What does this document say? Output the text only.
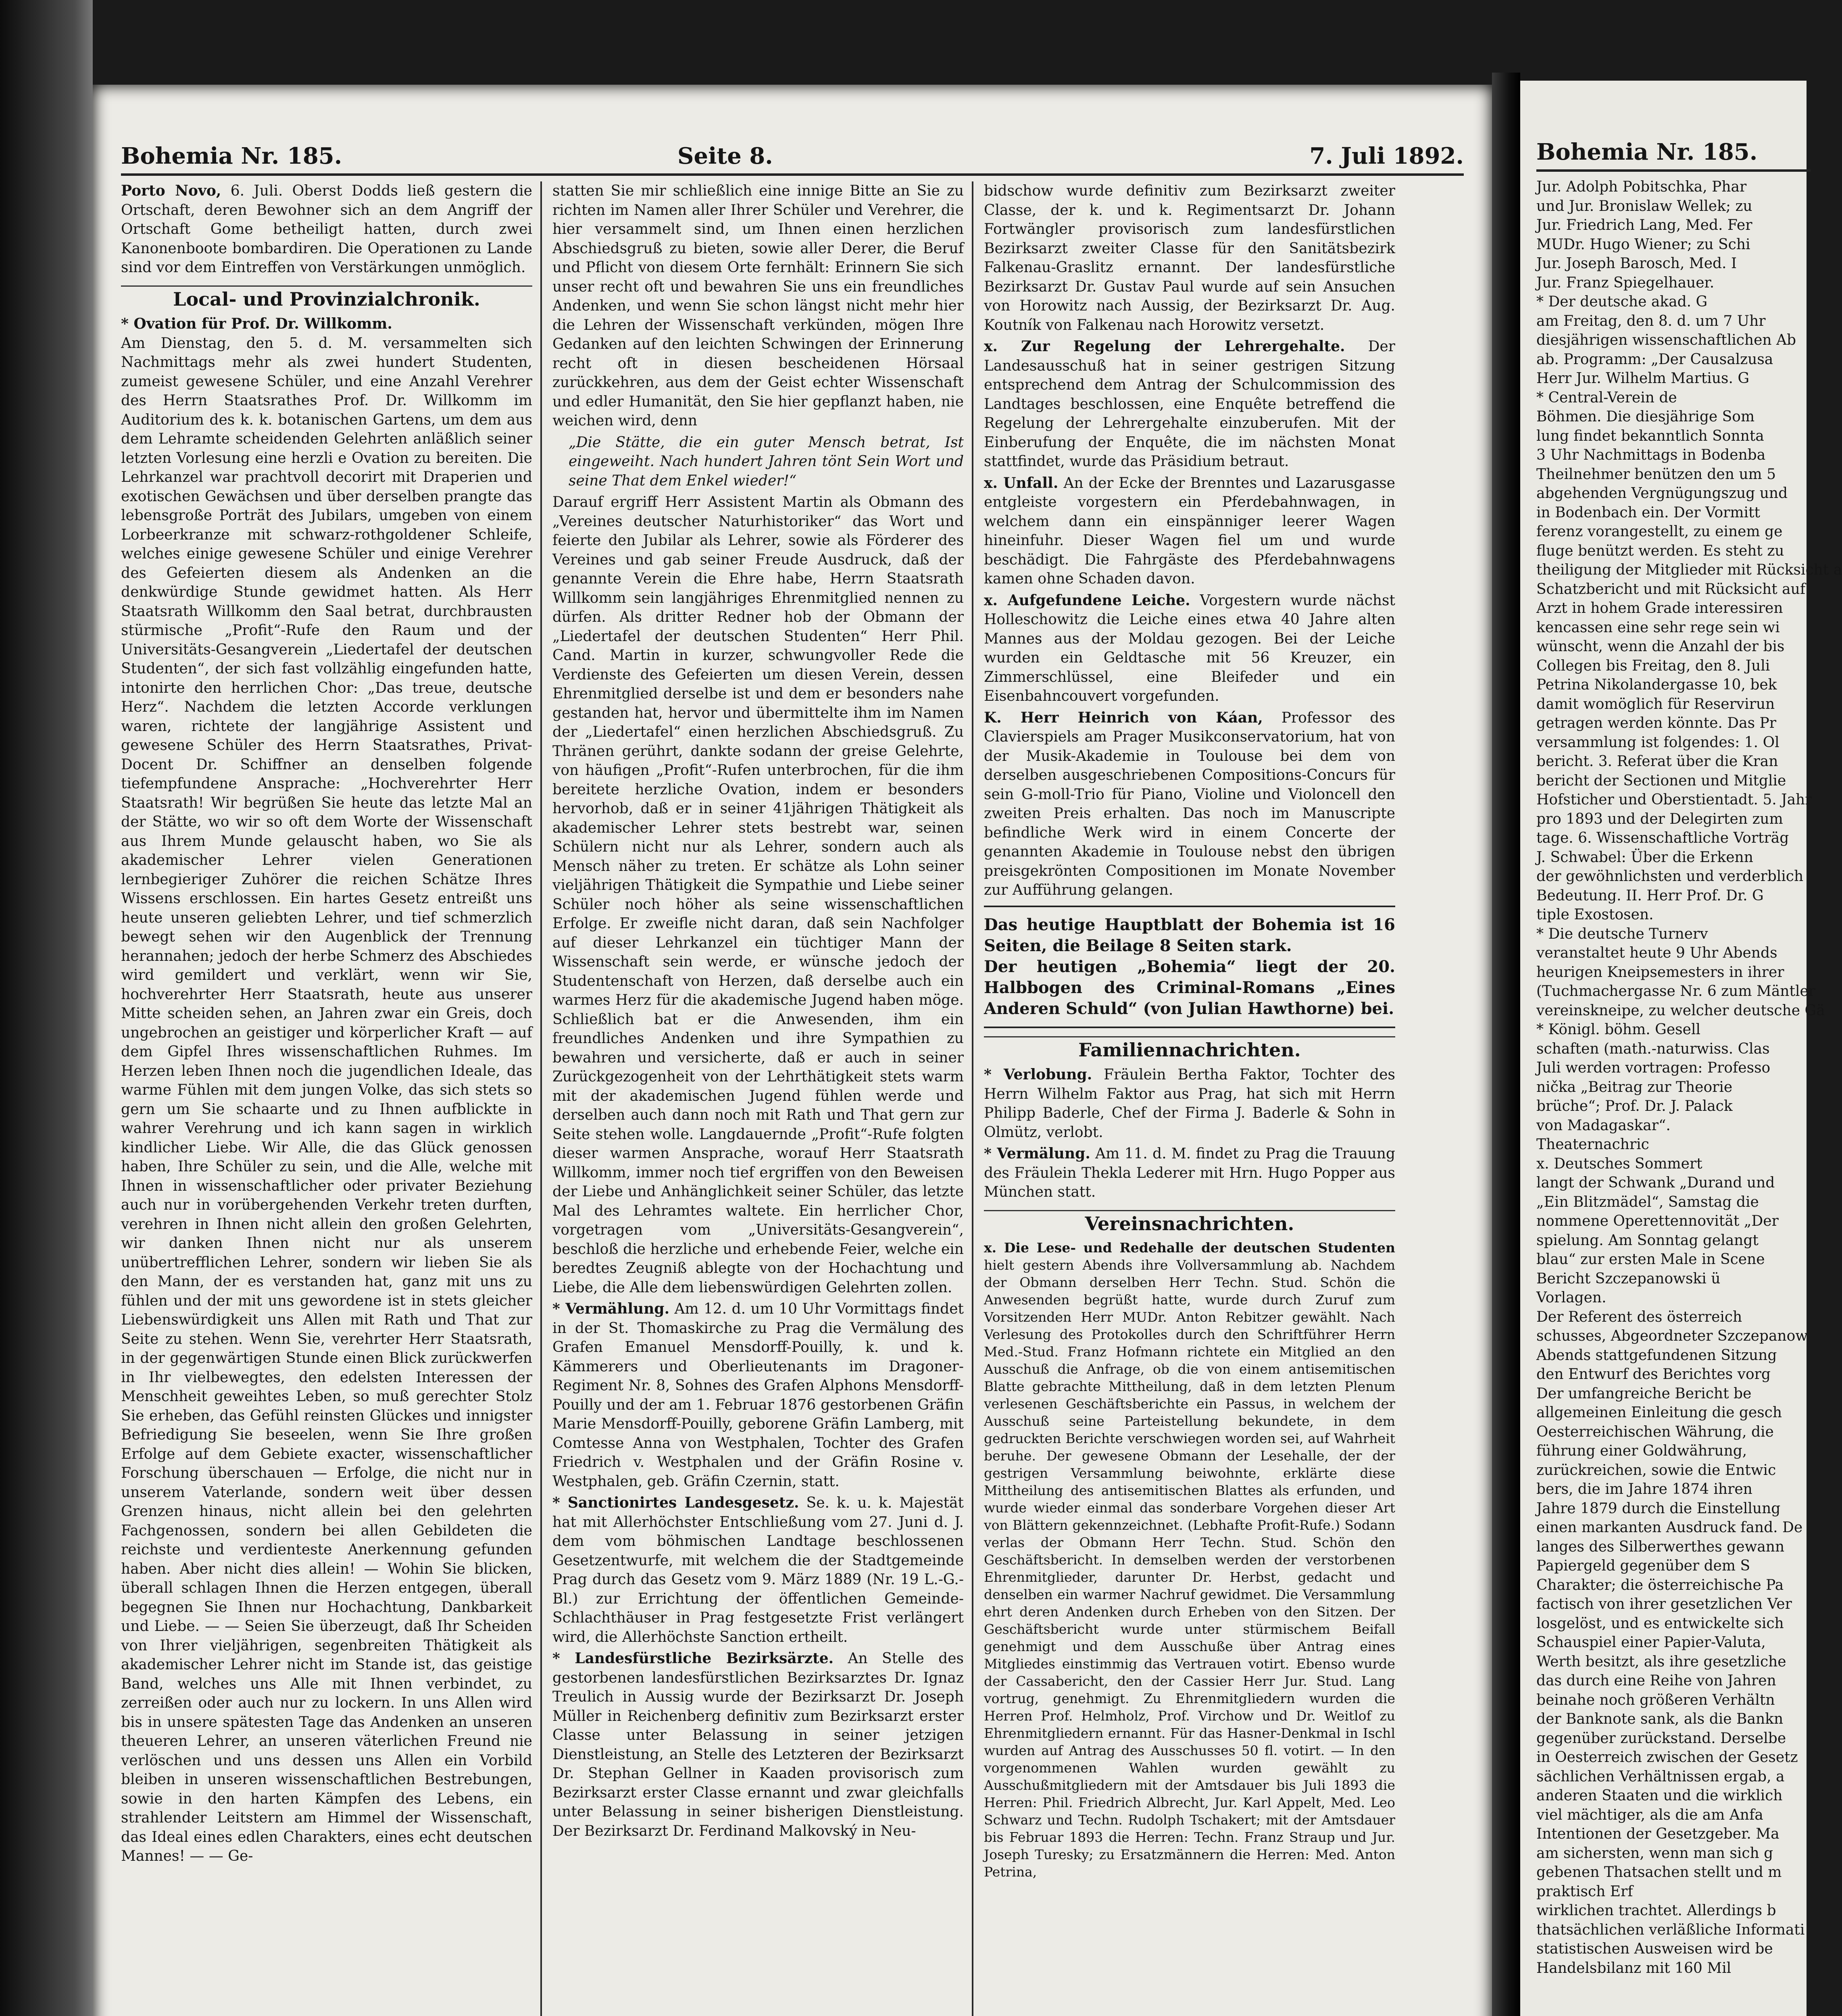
Bohemia Nr. 185.	Seite 8.	7. Juli 1892.

Porto Novo, 6. Juli. Oberst Dodds ließ gestern die Ortschaft, deren Bewohner sich an dem Angriff der Ortschaft Gome betheiligt hatten, durch zwei Kanonenboote bombardiren. Die Operationen zu Lande sind vor dem Eintreffen von Verstärkungen unmöglich.

Local- und Provinzialchronik.
* Ovation für Prof. Dr. Willkomm.

Am Dienstag, den 5. d. M. versammelten sich Nachmittags mehr als zwei hundert Studenten, zumeist gewesene Schüler, und eine Anzahl Verehrer des Herrn Staatsrathes Prof. Dr. Willkomm im Auditorium des k. k. botanischen Gartens, um dem aus dem Lehramte scheidenden Gelehrten anläßlich seiner letzten Vorlesung eine herzli e Ovation zu bereiten. Die Lehrkanzel war prachtvoll decorirt mit Draperien und exotischen Gewächsen und über derselben prangte das lebensgroße Porträt des Jubilars, umgeben von einem Lorbeerkranze mit schwarz-rothgoldener Schleife, welches einige gewesene Schüler und einige Verehrer des Gefeierten diesem als Andenken an die denkwürdige Stunde gewidmet hatten. Als Herr Staatsrath Willkomm den Saal betrat, durchbrausten stürmische „Profit“-Rufe den Raum und der Universitäts-Gesangverein „Liedertafel der deutschen Studenten“, der sich fast vollzählig eingefunden hatte, intonirte den herrlichen Chor: „Das treue, deutsche Herz“. Nachdem die letzten Accorde verklungen waren, richtete der langjährige Assistent und gewesene Schüler des Herrn Staatsrathes, Privat-Docent Dr. Schiffner an denselben folgende tiefempfundene Ansprache: „Hochverehrter Herr Staatsrath! Wir begrüßen Sie heute das letzte Mal an der Stätte, wo wir so oft dem Worte der Wissenschaft aus Ihrem Munde gelauscht haben, wo Sie als akademischer Lehrer vielen Generationen lernbegieriger Zuhörer die reichen Schätze Ihres Wissens erschlossen. Ein hartes Gesetz entreißt uns heute unseren geliebten Lehrer, und tief schmerzlich bewegt sehen wir den Augenblick der Trennung herannahen; jedoch der herbe Schmerz des Abschiedes wird gemildert und verklärt, wenn wir Sie, hochverehrter Herr Staatsrath, heute aus unserer Mitte scheiden sehen, an Jahren zwar ein Greis, doch ungebrochen an geistiger und körperlicher Kraft — auf dem Gipfel Ihres wissenschaftlichen Ruhmes. Im Herzen leben Ihnen noch die jugendlichen Ideale, das warme Fühlen mit dem jungen Volke, das sich stets so gern um Sie schaarte und zu Ihnen aufblickte in wahrer Verehrung und ich kann sagen in wirklich kindlicher Liebe. Wir Alle, die das Glück genossen haben, Ihre Schüler zu sein, und die Alle, welche mit Ihnen in wissenschaftlicher oder privater Beziehung auch nur in vorübergehenden Verkehr treten durften, verehren in Ihnen nicht allein den großen Gelehrten, wir danken Ihnen nicht nur als unserem unübertrefflichen Lehrer, sondern wir lieben Sie als den Mann, der es verstanden hat, ganz mit uns zu fühlen und der mit uns gewordene ist in stets gleicher Liebenswürdigkeit uns Allen mit Rath und That zur Seite zu stehen. Wenn Sie, verehrter Herr Staatsrath, in der gegenwärtigen Stunde einen Blick zurückwerfen in Ihr vielbewegtes, den edelsten Interessen der Menschheit geweihtes Leben, so muß gerechter Stolz Sie erheben, das Gefühl reinsten Glückes und innigster Befriedigung Sie beseelen, wenn Sie Ihre großen Erfolge auf dem Gebiete exacter, wissenschaftlicher Forschung überschauen — Erfolge, die nicht nur in unserem Vaterlande, sondern weit über dessen Grenzen hinaus, nicht allein bei den gelehrten Fachgenossen, sondern bei allen Gebildeten die reichste und verdienteste Anerkennung gefunden haben. Aber nicht dies allein! — Wohin Sie blicken, überall schlagen Ihnen die Herzen entgegen, überall begegnen Sie Ihnen nur Hochachtung, Dankbarkeit und Liebe. — — Seien Sie überzeugt, daß Ihr Scheiden von Ihrer vieljährigen, segenbreiten Thätigkeit als akademischer Lehrer nicht im Stande ist, das geistige Band, welches uns Alle mit Ihnen verbindet, zu zerreißen oder auch nur zu lockern. In uns Allen wird bis in unsere spätesten Tage das Andenken an unseren theueren Lehrer, an unseren väterlichen Freund nie verlöschen und uns dessen uns Allen ein Vorbild bleiben in unseren wissenschaftlichen Bestrebungen, sowie in den harten Kämpfen des Lebens, ein strahlender Leitstern am Himmel der Wissenschaft, das Ideal eines edlen Charakters, eines echt deutschen Mannes! — — Ge-

statten Sie mir schließlich eine innige Bitte an Sie zu richten im Namen aller Ihrer Schüler und Verehrer, die hier versammelt sind, um Ihnen einen herzlichen Abschiedsgruß zu bieten, sowie aller Derer, die Beruf und Pflicht von diesem Orte fernhält: Erinnern Sie sich unser recht oft und bewahren Sie uns ein freundliches Andenken, und wenn Sie schon längst nicht mehr hier die Lehren der Wissenschaft verkünden, mögen Ihre Gedanken auf den leichten Schwingen der Erinnerung recht oft in diesen bescheidenen Hörsaal zurückkehren, aus dem der Geist echter Wissenschaft und edler Humanität, den Sie hier gepflanzt haben, nie weichen wird, denn

„Die Stätte, die ein guter Mensch betrat, Ist eingeweiht. Nach hundert Jahren tönt Sein Wort und seine That dem Enkel wieder!“

Darauf ergriff Herr Assistent Martin als Obmann des „Vereines deutscher Naturhistoriker“ das Wort und feierte den Jubilar als Lehrer, sowie als Förderer des Vereines und gab seiner Freude Ausdruck, daß der genannte Verein die Ehre habe, Herrn Staatsrath Willkomm sein langjähriges Ehrenmitglied nennen zu dürfen. Als dritter Redner hob der Obmann der „Liedertafel der deutschen Studenten“ Herr Phil. Cand. Martin in kurzer, schwungvoller Rede die Verdienste des Gefeierten um diesen Verein, dessen Ehrenmitglied derselbe ist und dem er besonders nahe gestanden hat, hervor und übermittelte ihm im Namen der „Liedertafel“ einen herzlichen Abschiedsgruß. Zu Thränen gerührt, dankte sodann der greise Gelehrte, von häufigen „Profit“-Rufen unterbrochen, für die ihm bereitete herzliche Ovation, indem er besonders hervorhob, daß er in seiner 41jährigen Thätigkeit als akademischer Lehrer stets bestrebt war, seinen Schülern nicht nur als Lehrer, sondern auch als Mensch näher zu treten. Er schätze als Lohn seiner vieljährigen Thätigkeit die Sympathie und Liebe seiner Schüler noch höher als seine wissenschaftlichen Erfolge. Er zweifle nicht daran, daß sein Nachfolger auf dieser Lehrkanzel ein tüchtiger Mann der Wissenschaft sein werde, er wünsche jedoch der Studentenschaft von Herzen, daß derselbe auch ein warmes Herz für die akademische Jugend haben möge. Schließlich bat er die Anwesenden, ihm ein freundliches Andenken und ihre Sympathien zu bewahren und versicherte, daß er auch in seiner Zurückgezogenheit von der Lehrthätigkeit stets warm mit der akademischen Jugend fühlen werde und derselben auch dann noch mit Rath und That gern zur Seite stehen wolle. Langdauernde „Profit“-Rufe folgten dieser warmen Ansprache, worauf Herr Staatsrath Willkomm, immer noch tief ergriffen von den Beweisen der Liebe und Anhänglichkeit seiner Schüler, das letzte Mal des Lehramtes waltete. Ein herrlicher Chor, vorgetragen vom „Universitäts-Gesangverein“, beschloß die herzliche und erhebende Feier, welche ein beredtes Zeugniß ablegte von der Hochachtung und Liebe, die Alle dem liebenswürdigen Gelehrten zollen.

* Vermählung. Am 12. d. um 10 Uhr Vormittags findet in der St. Thomaskirche zu Prag die Vermälung des Grafen Emanuel Mensdorff-Pouilly, k. und k. Kämmerers und Oberlieutenants im Dragoner-Regiment Nr. 8, Sohnes des Grafen Alphons Mensdorff-Pouilly und der am 1. Februar 1876 gestorbenen Gräfin Marie Mensdorff-Pouilly, geborene Gräfin Lamberg, mit Comtesse Anna von Westphalen, Tochter des Grafen Friedrich v. Westphalen und der Gräfin Rosine v. Westphalen, geb. Gräfin Czernin, statt.

* Sanctionirtes Landesgesetz. Se. k. u. k. Majestät hat mit Allerhöchster Entschließung vom 27. Juni d. J. dem vom böhmischen Landtage beschlossenen Gesetzentwurfe, mit welchem die der Stadtgemeinde Prag durch das Gesetz vom 9. März 1889 (Nr. 19 L.-G.-Bl.) zur Errichtung der öffentlichen Gemeinde-Schlachthäuser in Prag festgesetzte Frist verlängert wird, die Allerhöchste Sanction ertheilt.

* Landesfürstliche Bezirksärzte. An Stelle des gestorbenen landesfürstlichen Bezirksarztes Dr. Ignaz Treulich in Aussig wurde der Bezirksarzt Dr. Joseph Müller in Reichenberg definitiv zum Bezirksarzt erster Classe unter Belassung in seiner jetzigen Dienstleistung, an Stelle des Letzteren der Bezirksarzt Dr. Stephan Gellner in Kaaden provisorisch zum Bezirksarzt erster Classe ernannt und zwar gleichfalls unter Belassung in seiner bisherigen Dienstleistung. Der Bezirksarzt Dr. Ferdinand Malkovský in Neu-

bidschow wurde definitiv zum Bezirksarzt zweiter Classe, der k. und k. Regimentsarzt Dr. Johann Fortwängler provisorisch zum landesfürstlichen Bezirksarzt zweiter Classe für den Sanitätsbezirk Falkenau-Graslitz ernannt. Der landesfürstliche Bezirksarzt Dr. Gustav Paul wurde auf sein Ansuchen von Horowitz nach Aussig, der Bezirksarzt Dr. Aug. Koutník von Falkenau nach Horowitz versetzt.

x. Zur Regelung der Lehrergehalte. Der Landesausschuß hat in seiner gestrigen Sitzung entsprechend dem Antrag der Schulcommission des Landtages beschlossen, eine Enquête betreffend die Regelung der Lehrergehalte einzuberufen. Mit der Einberufung der Enquête, die im nächsten Monat stattfindet, wurde das Präsidium betraut.

x. Unfall. An der Ecke der Brenntes und Lazarusgasse entgleiste vorgestern ein Pferdebahnwagen, in welchem dann ein einspänniger leerer Wagen hineinfuhr. Dieser Wagen fiel um und wurde beschädigt. Die Fahrgäste des Pferdebahnwagens kamen ohne Schaden davon.

x. Aufgefundene Leiche. Vorgestern wurde nächst Holleschowitz die Leiche eines etwa 40 Jahre alten Mannes aus der Moldau gezogen. Bei der Leiche wurden ein Geldtasche mit 56 Kreuzer, ein Zimmerschlüssel, eine Bleifeder und ein Eisenbahncouvert vorgefunden.

K. Herr Heinrich von Káan, Professor des Clavierspiels am Prager Musikconservatorium, hat von der Musik-Akademie in Toulouse bei dem von derselben ausgeschriebenen Compositions-Concurs für sein G-moll-Trio für Piano, Violine und Violoncell den zweiten Preis erhalten. Das noch im Manuscripte befindliche Werk wird in einem Concerte der genannten Akademie in Toulouse nebst den übrigen preisgekrönten Compositionen im Monate November zur Aufführung gelangen.

Das heutige Hauptblatt der Bohemia ist 16 Seiten, die Beilage 8 Seiten stark.
Der heutigen „Bohemia“ liegt der 20. Halbbogen des Criminal-Romans „Eines Anderen Schuld“ (von Julian Hawthorne) bei.
Familiennachrichten.

* Verlobung. Fräulein Bertha Faktor, Tochter des Herrn Wilhelm Faktor aus Prag, hat sich mit Herrn Philipp Baderle, Chef der Firma J. Baderle & Sohn in Olmütz, verlobt.

* Vermälung. Am 11. d. M. findet zu Prag die Trauung des Fräulein Thekla Lederer mit Hrn. Hugo Popper aus München statt.

Vereinsnachrichten.

x. Die Lese- und Redehalle der deutschen Studenten hielt gestern Abends ihre Vollversammlung ab. Nachdem der Obmann derselben Herr Techn. Stud. Schön die Anwesenden begrüßt hatte, wurde durch Zuruf zum Vorsitzenden Herr MUDr. Anton Rebitzer gewählt. Nach Verlesung des Protokolles durch den Schriftführer Herrn Med.-Stud. Franz Hofmann richtete ein Mitglied an den Ausschuß die Anfrage, ob die von einem antisemitischen Blatte gebrachte Mittheilung, daß in dem letzten Plenum verlesenen Geschäftsberichte ein Passus, in welchem der Ausschuß seine Parteistellung bekundete, in dem gedruckten Berichte verschwiegen worden sei, auf Wahrheit beruhe. Der gewesene Obmann der Lesehalle, der der gestrigen Versammlung beiwohnte, erklärte diese Mittheilung des antisemitischen Blattes als erfunden, und wurde wieder einmal das sonderbare Vorgehen dieser Art von Blättern gekennzeichnet. (Lebhafte Profit-Rufe.) Sodann verlas der Obmann Herr Techn. Stud. Schön den Geschäftsbericht. In demselben werden der verstorbenen Ehrenmitglieder, darunter Dr. Herbst, gedacht und denselben ein warmer Nachruf gewidmet. Die Versammlung ehrt deren Andenken durch Erheben von den Sitzen. Der Geschäftsbericht wurde unter stürmischem Beifall genehmigt und dem Ausschuße über Antrag eines Mitgliedes einstimmig das Vertrauen votirt. Ebenso wurde der Cassabericht, den der Cassier Herr Jur. Stud. Lang vortrug, genehmigt. Zu Ehrenmitgliedern wurden die Herren Prof. Helmholz, Prof. Virchow und Dr. Weitlof zu Ehrenmitgliedern ernannt. Für das Hasner-Denkmal in Ischl wurden auf Antrag des Ausschusses 50 fl. votirt. — In den vorgenommenen Wahlen wurden gewählt zu Ausschußmitgliedern mit der Amtsdauer bis Juli 1893 die Herren: Phil. Friedrich Albrecht, Jur. Karl Appelt, Med. Leo Schwarz und Techn. Rudolph Tschakert; mit der Amtsdauer bis Februar 1893 die Herren: Techn. Franz Straup und Jur. Joseph Turesky; zu Ersatzmännern die Herren: Med. Anton Petrina,

Bohemia Nr. 185.
Jur. Adolph Pobitschka, Phar
und Jur. Bronislaw Wellek; zu
Jur. Friedrich Lang, Med. Fer
MUDr. Hugo Wiener; zu Schi
Jur. Joseph Barosch, Med. I
Jur. Franz Spiegelhauer.
* Der deutsche akad. G
am Freitag, den 8. d. um 7 Uhr
diesjährigen wissenschaftlichen Ab
ab. Programm: „Der Causalzusa
Herr Jur. Wilhelm Martius. G
* Central-Verein de
Böhmen. Die diesjährige Som
lung findet bekanntlich Sonnta
3 Uhr Nachmittags in Bodenba
Theilnehmer benützen den um 5
abgehenden Vergnügungszug und
in Bodenbach ein. Der Vormitt
ferenz vorangestellt, zu einem ge
fluge benützt werden. Es steht zu
theiligung der Mitglieder mit Rücksicht a
Schatzbericht und mit Rücksicht auf
Arzt in hohem Grade interessiren
kencassen eine sehr rege sein wi
wünscht, wenn die Anzahl der bis
Collegen bis Freitag, den 8. Juli
Petrina Nikolandergasse 10, bek
damit womöglich für Reservirun
getragen werden könnte. Das Pr
versammlung ist folgendes: 1. Ol
bericht. 3. Referat über die Kran
bericht der Sectionen und Mitglie
Hofsticher und Oberstientadt. 5. Jahr
pro 1893 und der Delegirten zum
tage. 6. Wissenschaftliche Vorträg
J. Schwabel: Über die Erkenn
der gewöhnlichsten und verderblich
Bedeutung. II. Herr Prof. Dr. G
tiple Exostosen.
* Die deutsche Turnerv
veranstaltet heute 9 Uhr Abends
heurigen Kneipsemesters in ihrer
(Tuchmachergasse Nr. 6 zum Mäntler
vereinskneipe, zu welcher deutsche Gä
* Königl. böhm. Gesell
schaften (math.-naturwiss. Clas
Juli werden vortragen: Professo
nička „Beitrag zur Theorie
brüche“; Prof. Dr. J. Palack
von Madagaskar“.
Theaternachric
x. Deutsches Sommert
langt der Schwank „Durand und
„Ein Blitzmädel“, Samstag die
nommene Operettennovität „Der
spielung. Am Sonntag gelangt
blau“ zur ersten Male in Scene
Bericht Szczepanowski ü
Vorlagen.
Der Referent des österreich
schusses, Abgeordneter Szczepanow
Abends stattgefundenen Sitzung
den Entwurf des Berichtes vorg
Der umfangreiche Bericht be
allgemeinen Einleitung die gesch
Oesterreichischen Währung, die
führung einer Goldwährung,
zurückreichen, sowie die Entwic
bers, die im Jahre 1874 ihren
Jahre 1879 durch die Einstellung
einen markanten Ausdruck fand. De
langes des Silberwerthes gewann
Papiergeld gegenüber dem S
Charakter; die österreichische Pa
factisch von ihrer gesetzlichen Ver
losgelöst, und es entwickelte sich
Schauspiel einer Papier-Valuta,
Werth besitzt, als ihre gesetzliche
das durch eine Reihe von Jahren
beinahe noch größeren Verhältn
der Banknote sank, als die Bankn
gegenüber zurückstand. Derselbe
in Oesterreich zwischen der Gesetz
sächlichen Verhältnissen ergab, a
anderen Staaten und die wirklich
viel mächtiger, als die am Anfa
Intentionen der Gesetzgeber. Ma
am sichersten, wenn man sich g
gebenen Thatsachen stellt und m
praktisch Erf
wirklichen trachtet. Allerdings b
thatsächlichen verläßliche Informati
statistischen Ausweisen wird be
Handelsbilanz mit 160 Mil
